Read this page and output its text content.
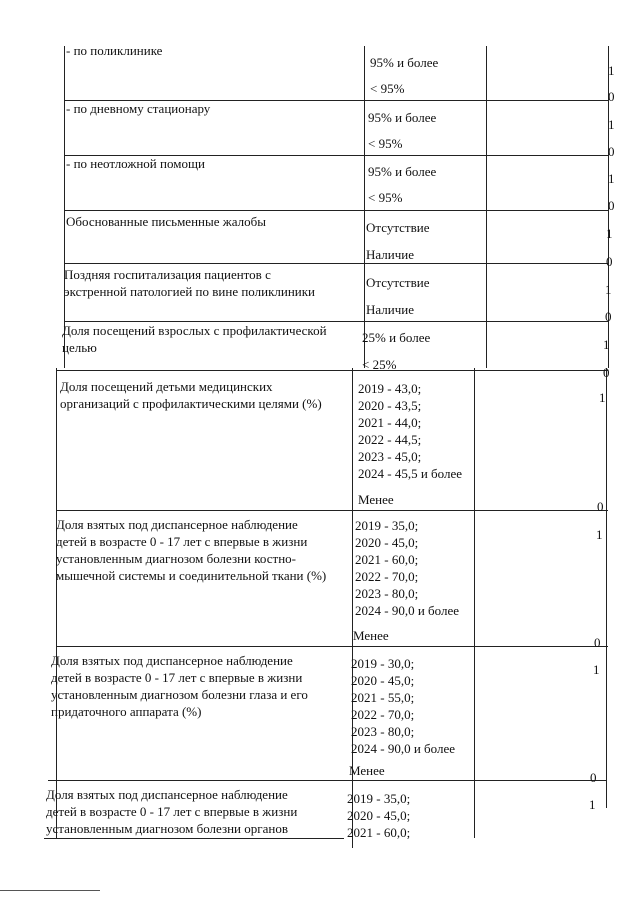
- по поликлинике
95% и более
< 95%
1
0
- по дневному стационару
95% и более
< 95%
1
0
- по неотложной помощи
95% и более
< 95%
1
0
Обоснованные письменные жалобы	Отсутствие
Наличие
1
0
Поздняя госпитализация пациентов с
экстренной патологией по вине поликлиники
Отсутствие
Наличие
1
0
Доля посещений взрослых с профилактической
целью
25% и более
< 25%
1
0
Доля посещений детьми медицинских
организаций с профилактическими целями (%)
2019 - 43,0;
2020 - 43,5;
2021 - 44,0;
2022 - 44,5;
2023 - 45,0;
2024 - 45,5 и более
Менее
1
0
Доля взятых под диспансерное наблюдение
детей в возрасте 0 - 17 лет с впервые в жизни
установленным диагнозом болезни костно-
мышечной системы и соединительной ткани (%)
2019 - 35,0;
2020 - 45,0;
2021 - 60,0;
2022 - 70,0;
2023 - 80,0;
2024 - 90,0 и более
Менее
1
0
Доля взятых под диспансерное наблюдение
детей в возрасте 0 - 17 лет с впервые в жизни
установленным диагнозом болезни глаза и его
придаточного аппарата (%)
2019 - 30,0;
2020 - 45,0;
2021 - 55,0;
2022 - 70,0;
2023 - 80,0;
2024 - 90,0 и более
Менее
1
0
Доля взятых под диспансерное наблюдение
детей в возрасте 0 - 17 лет с впервые в жизни
установленным диагнозом болезни органов
2019 - 35,0;
2020 - 45,0;
2021 - 60,0;
1
